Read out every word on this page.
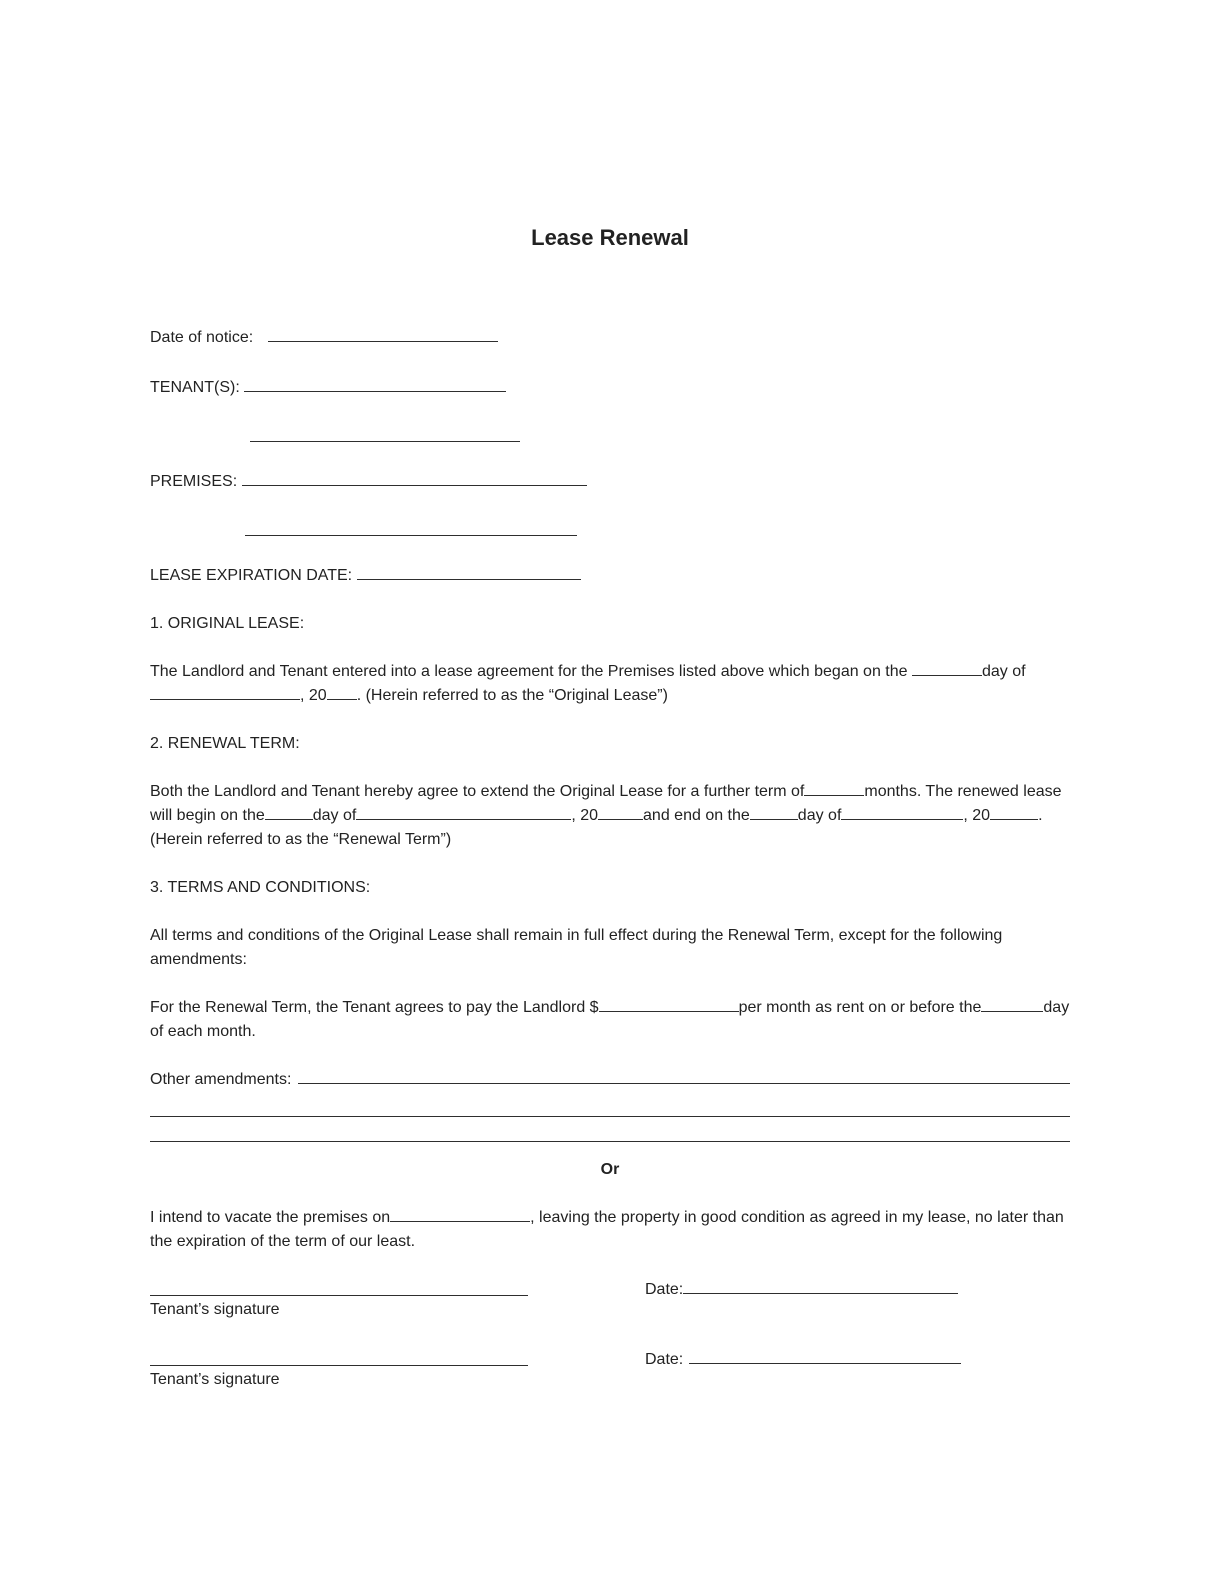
Lease Renewal
Date of notice:
TENANT(S):
PREMISES:
LEASE EXPIRATION DATE:
1. ORIGINAL LEASE:

The Landlord and Tenant entered into a lease agreement for the Premises listed above which began on the	day of, 20 . (Herein referred to as the “Original Lease”)

2. RENEWAL TERM:

Both the Landlord and Tenant hereby agree to extend the Original Lease for a further term of	months. The renewed lease will begin on the	day of	, 20	and end on the	day of	, 20	. (Herein referred to as the “Renewal Term”)

3. TERMS AND CONDITIONS:

All terms and conditions of the Original Lease shall remain in full effect during the Renewal Term, except for the following amendments:

For the Renewal Term, the Tenant agrees to pay the Landlord $	per month as rent on or before the	day of each month.

Other amendments:
Or

I intend to vacate the premises on	, leaving the property in good condition as agreed in my lease, no later than the expiration of the term of our least.

Tenant’s signature
Date:
Tenant’s signature
Date:
